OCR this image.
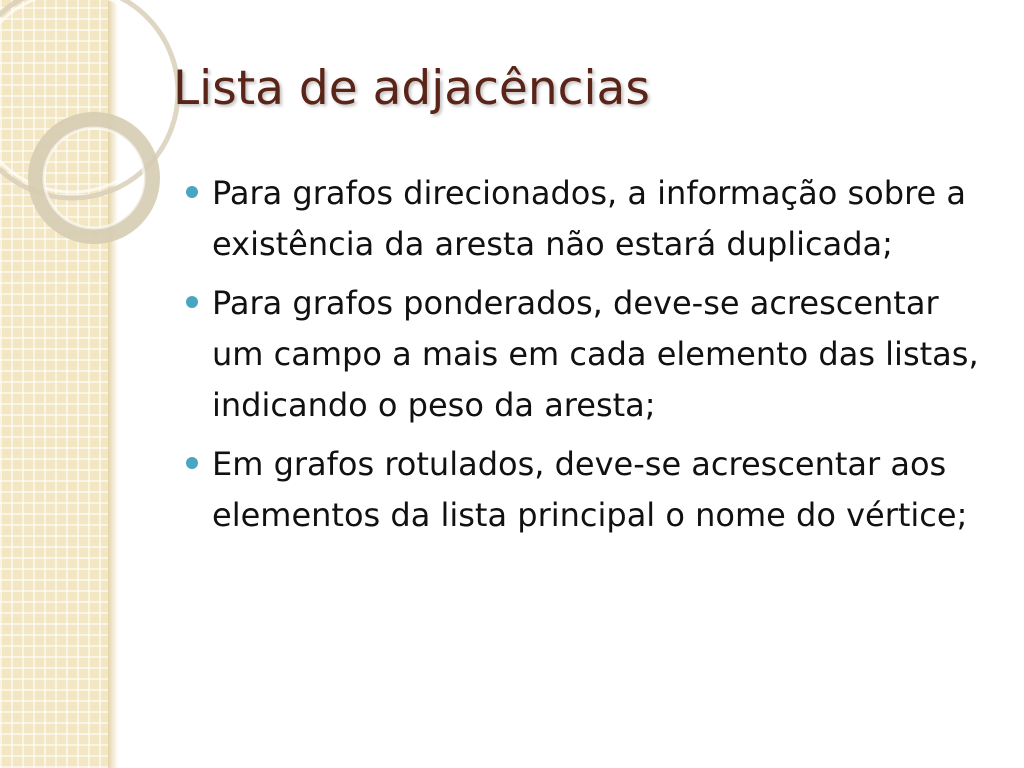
Lista de adjacências
Para grafos direcionados, a informação sobre a existência da aresta não estará duplicada;
Para grafos ponderados, deve-se acrescentar um campo a mais em cada elemento das listas, indicando o peso da aresta;
Em grafos rotulados, deve-se acrescentar aos elementos da lista principal o nome do vértice;
